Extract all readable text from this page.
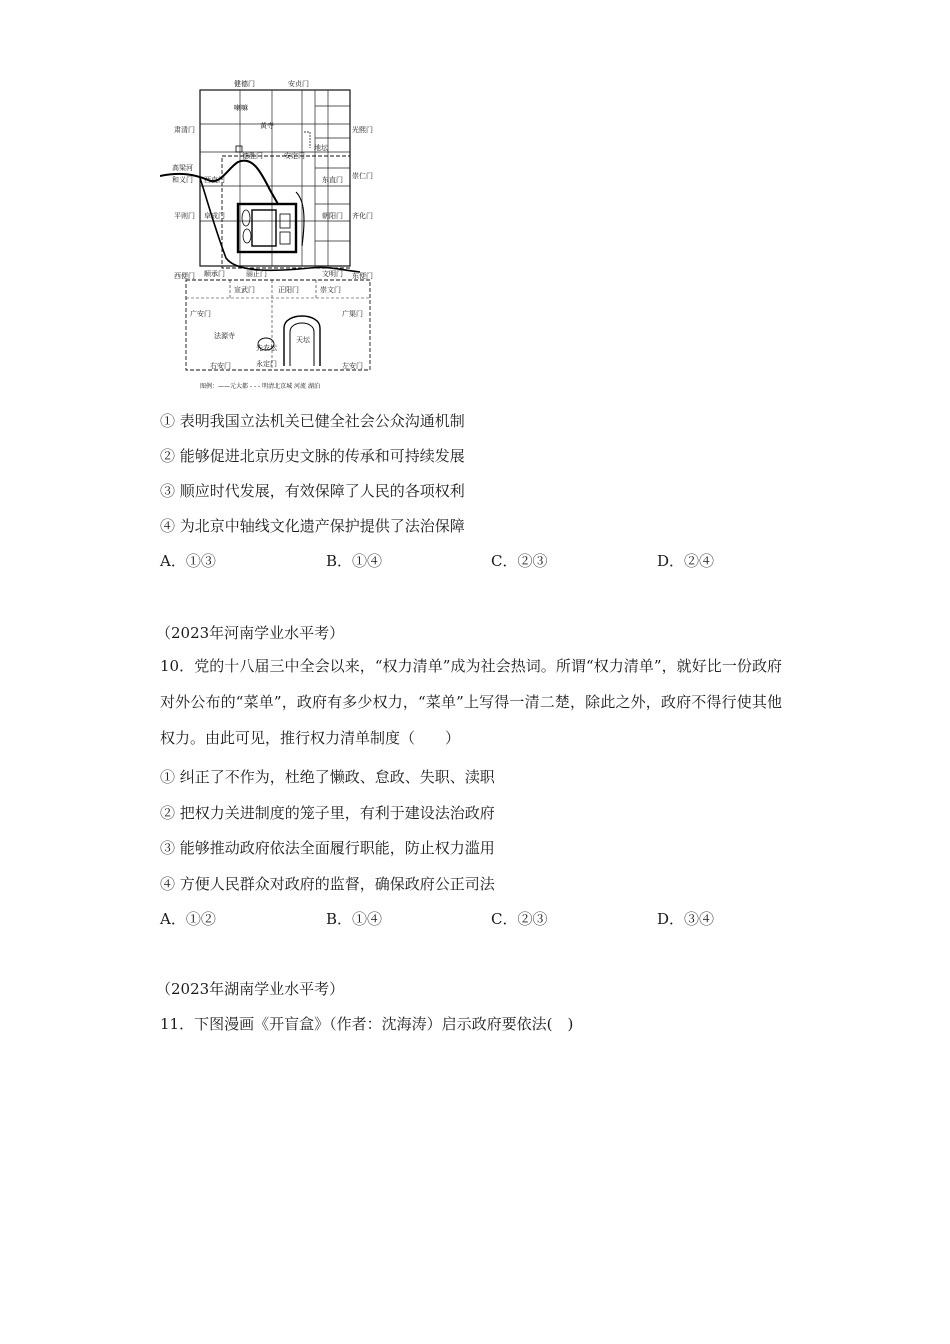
健德门	安贞门
肃清门	光熙门
喇嘛
黄寺
德胜门	安定门
地坛
高梁河
和义门 西直门	东直门 崇仁门
平则门 阜成门	朝阳门 齐化门
顺承门	丽正门	文明门
西便门	东便门
宣武门	正阳门	崇文门
广安门	广渠门
法源寺	天坛
先农坛
右安门	永定门	左安门
图例：——元大都 - - - 明清北京城 河流 湖泊
① 表明我国立法机关已健全社会公众沟通机制
② 能够促进北京历史文脉的传承和可持续发展
③ 顺应时代发展，有效保障了人民的各项权利
④ 为北京中轴线文化遗产保护提供了法治保障
A．①③	B．①④	C．②③	D．②④
（2023年河南学业水平考）
10．党的十八届三中全会以来，“权力清单”成为社会热词。所谓“权力清单”，就好比一份政府对外公布的“菜单”，政府有多少权力，“菜单”上写得一清二楚，除此之外，政府不得行使其他权力。由此可见，推行权力清单制度（　　）
① 纠正了不作为，杜绝了懒政、怠政、失职、渎职
② 把权力关进制度的笼子里，有利于建设法治政府
③ 能够推动政府依法全面履行职能，防止权力滥用
④ 方便人民群众对政府的监督，确保政府公正司法
A．①②	B．①④	C．②③	D．③④
（2023年湖南学业水平考）
11．下图漫画《开盲盒》（作者：沈海涛）启示政府要依法(　)
